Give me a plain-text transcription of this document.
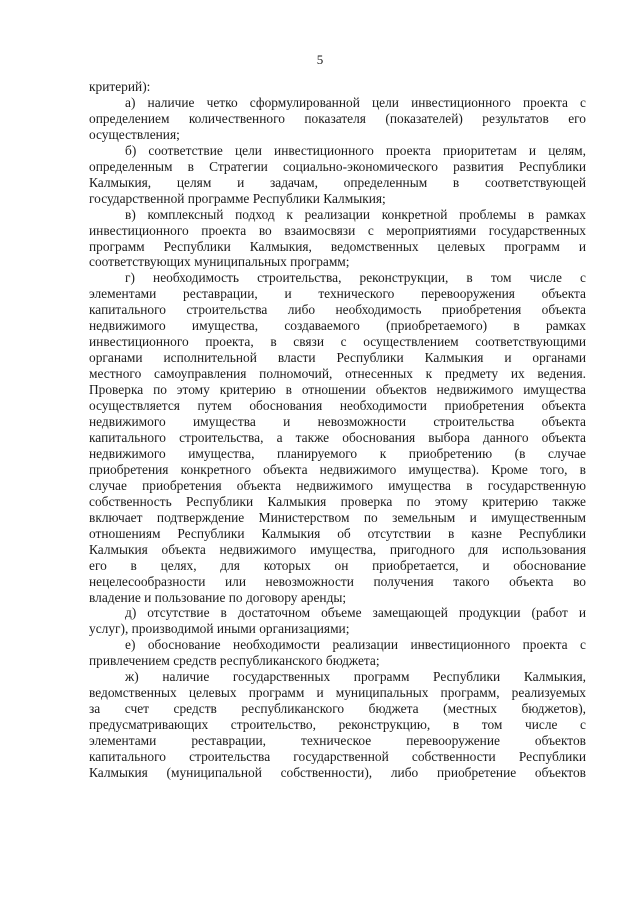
5
критерий):
а) наличие четко сформулированной цели инвестиционного проекта с
определением количественного показателя (показателей) результатов его
осуществления;
б) соответствие цели инвестиционного проекта приоритетам и целям,
определенным в Стратегии социально-экономического развития Республики
Калмыкия, целям и задачам, определенным в соответствующей
государственной программе Республики Калмыкия;
в) комплексный подход к реализации конкретной проблемы в рамках
инвестиционного проекта во взаимосвязи с мероприятиями государственных
программ Республики Калмыкия, ведомственных целевых программ и
соответствующих муниципальных программ;
г) необходимость строительства, реконструкции, в том числе с
элементами реставрации, и технического перевооружения объекта
капитального строительства либо необходимость приобретения объекта
недвижимого имущества, создаваемого (приобретаемого) в рамках
инвестиционного проекта, в связи с осуществлением соответствующими
органами исполнительной власти Республики Калмыкия и органами
местного самоуправления полномочий, отнесенных к предмету их ведения.
Проверка по этому критерию в отношении объектов недвижимого имущества
осуществляется путем обоснования необходимости приобретения объекта
недвижимого имущества и невозможности строительства объекта
капитального строительства, а также обоснования выбора данного объекта
недвижимого имущества, планируемого к приобретению (в случае
приобретения конкретного объекта недвижимого имущества). Кроме того, в
случае приобретения объекта недвижимого имущества в государственную
собственность Республики Калмыкия проверка по этому критерию также
включает подтверждение Министерством по земельным и имущественным
отношениям Республики Калмыкия об отсутствии в казне Республики
Калмыкия объекта недвижимого имущества, пригодного для использования
его в целях, для которых он приобретается, и обоснование
нецелесообразности или невозможности получения такого объекта во
владение и пользование по договору аренды;
д) отсутствие в достаточном объеме замещающей продукции (работ и
услуг), производимой иными организациями;
е) обоснование необходимости реализации инвестиционного проекта с
привлечением средств республиканского бюджета;
ж) наличие государственных программ Республики Калмыкия,
ведомственных целевых программ и муниципальных программ, реализуемых
за счет средств республиканского бюджета (местных бюджетов),
предусматривающих строительство, реконструкцию, в том числе с
элементами реставрации, техническое перевооружение объектов
капитального строительства государственной собственности Республики
Калмыкия (муниципальной собственности), либо приобретение объектов
